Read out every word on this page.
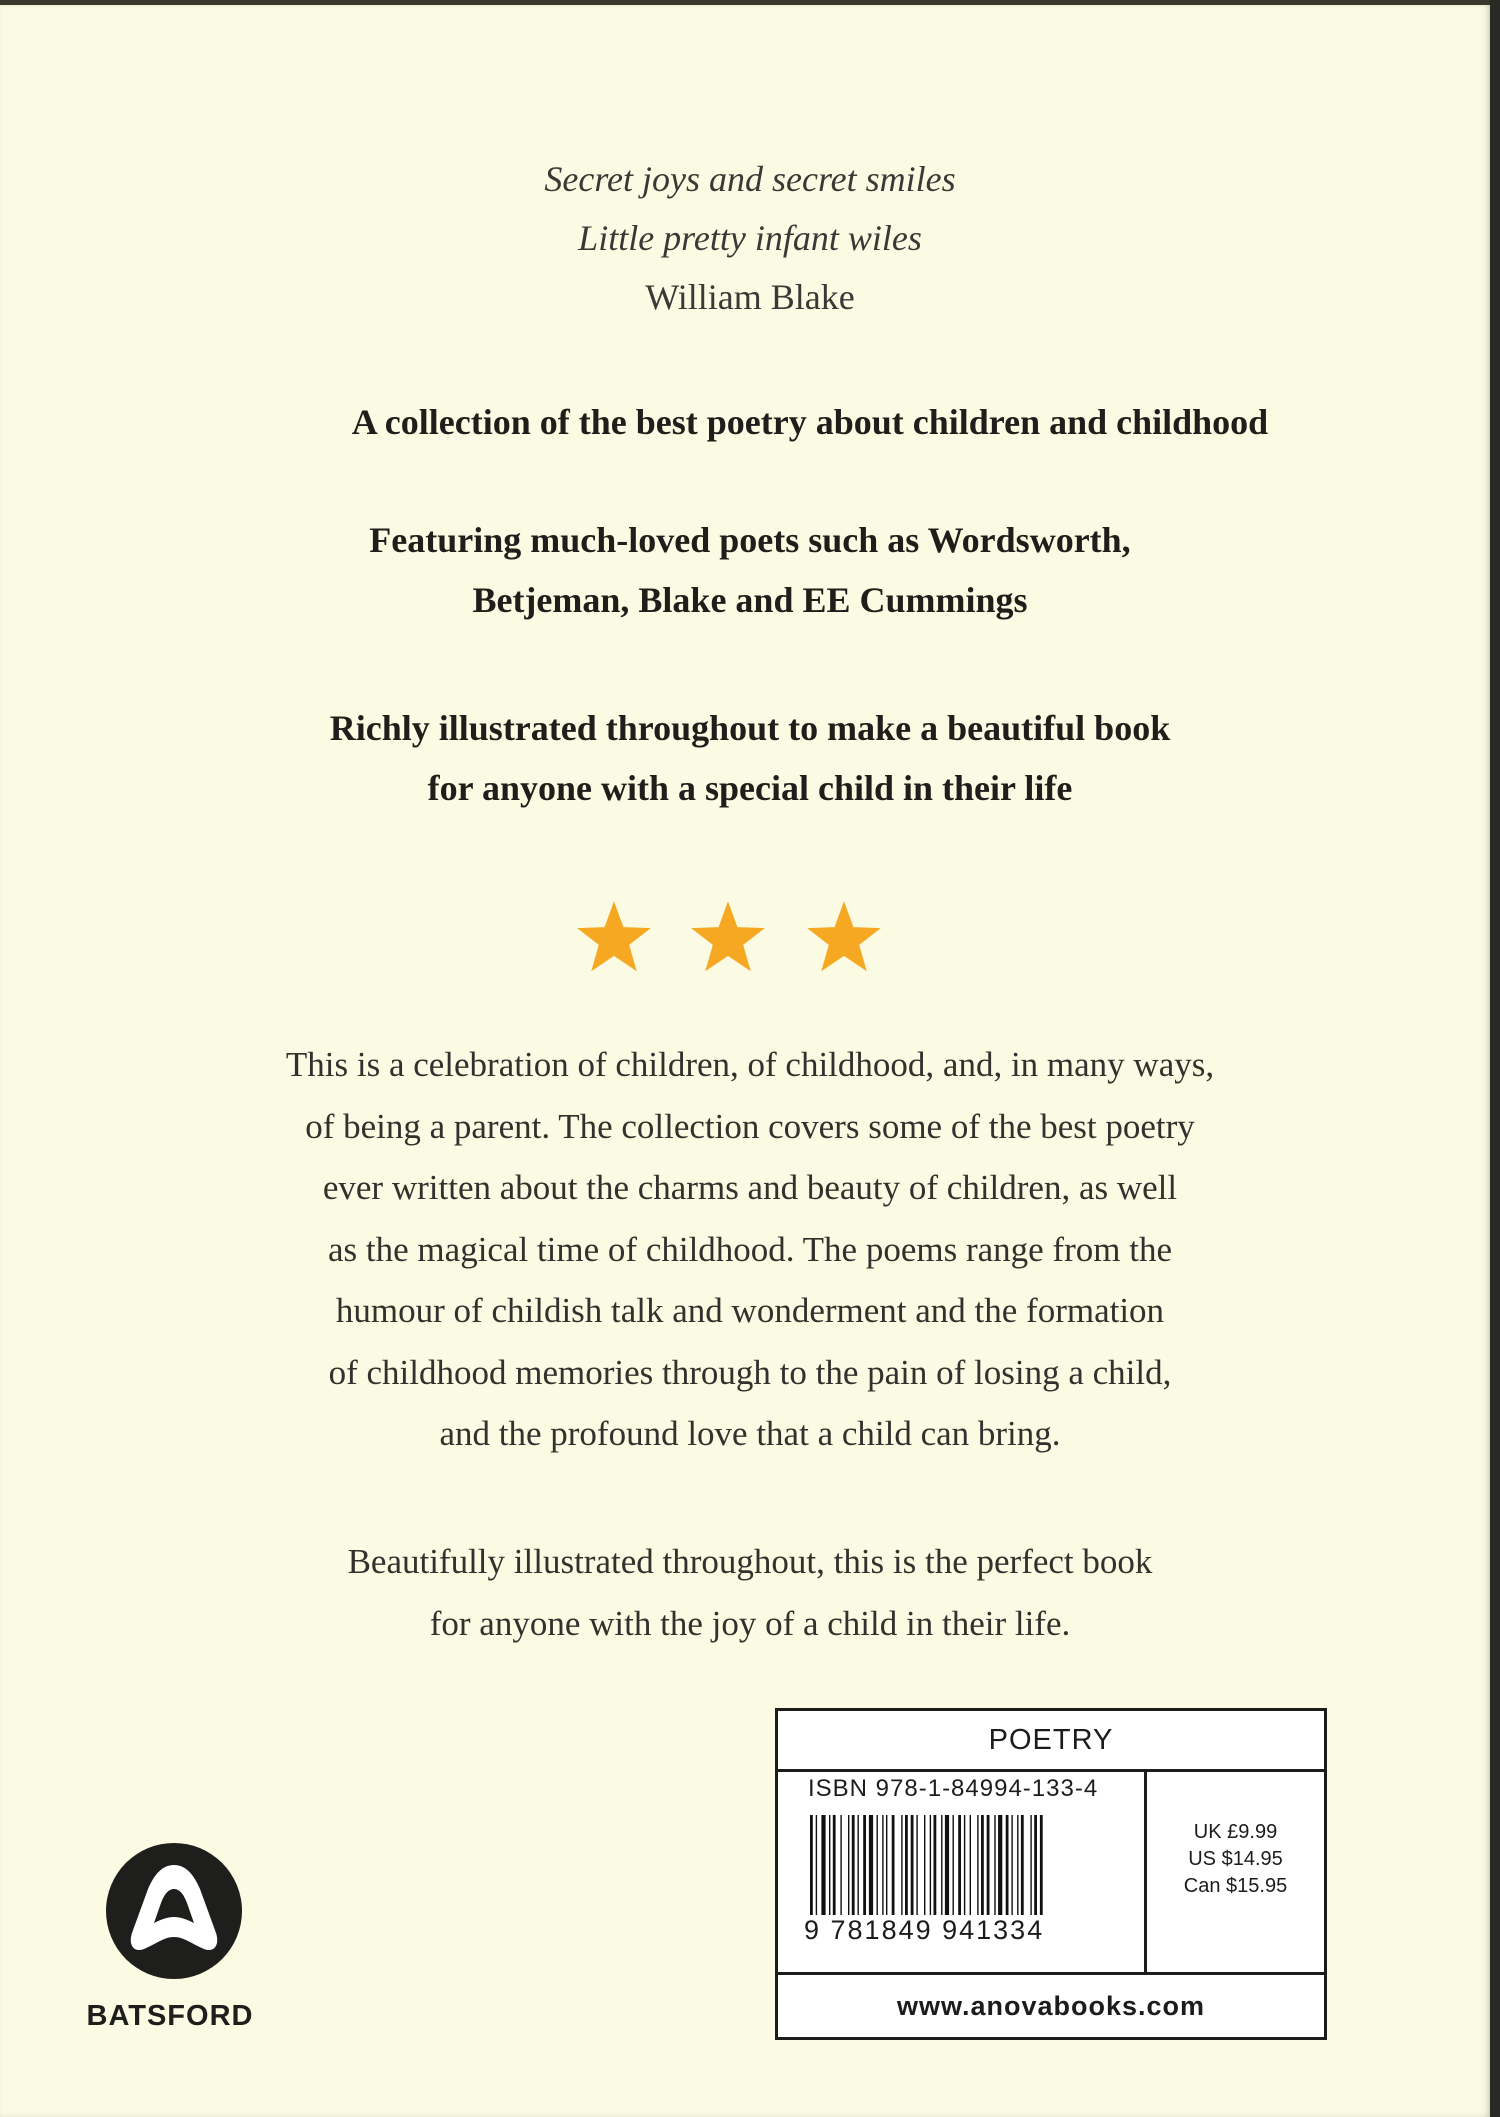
Secret joys and secret smiles
Little pretty infant wiles
William Blake
A collection of the best poetry about children and childhood
Featuring much-loved poets such as Wordsworth,
Betjeman, Blake and EE Cummings
Richly illustrated throughout to make a beautiful book
for anyone with a special child in their life
This is a celebration of children, of childhood, and, in many ways,
of being a parent. The collection covers some of the best poetry
ever written about the charms and beauty of children, as well
as the magical time of childhood. The poems range from the
humour of childish talk and wonderment and the formation
of childhood memories through to the pain of losing a child,
and the profound love that a child can bring.
Beautifully illustrated throughout, this is the perfect book
for anyone with the joy of a child in their life.
BATSFORD
POETRY
ISBN 978-1-84994-133-4
9 781849 941334
UK £9.99
US $14.95
Can $15.95
www.anovabooks.com
